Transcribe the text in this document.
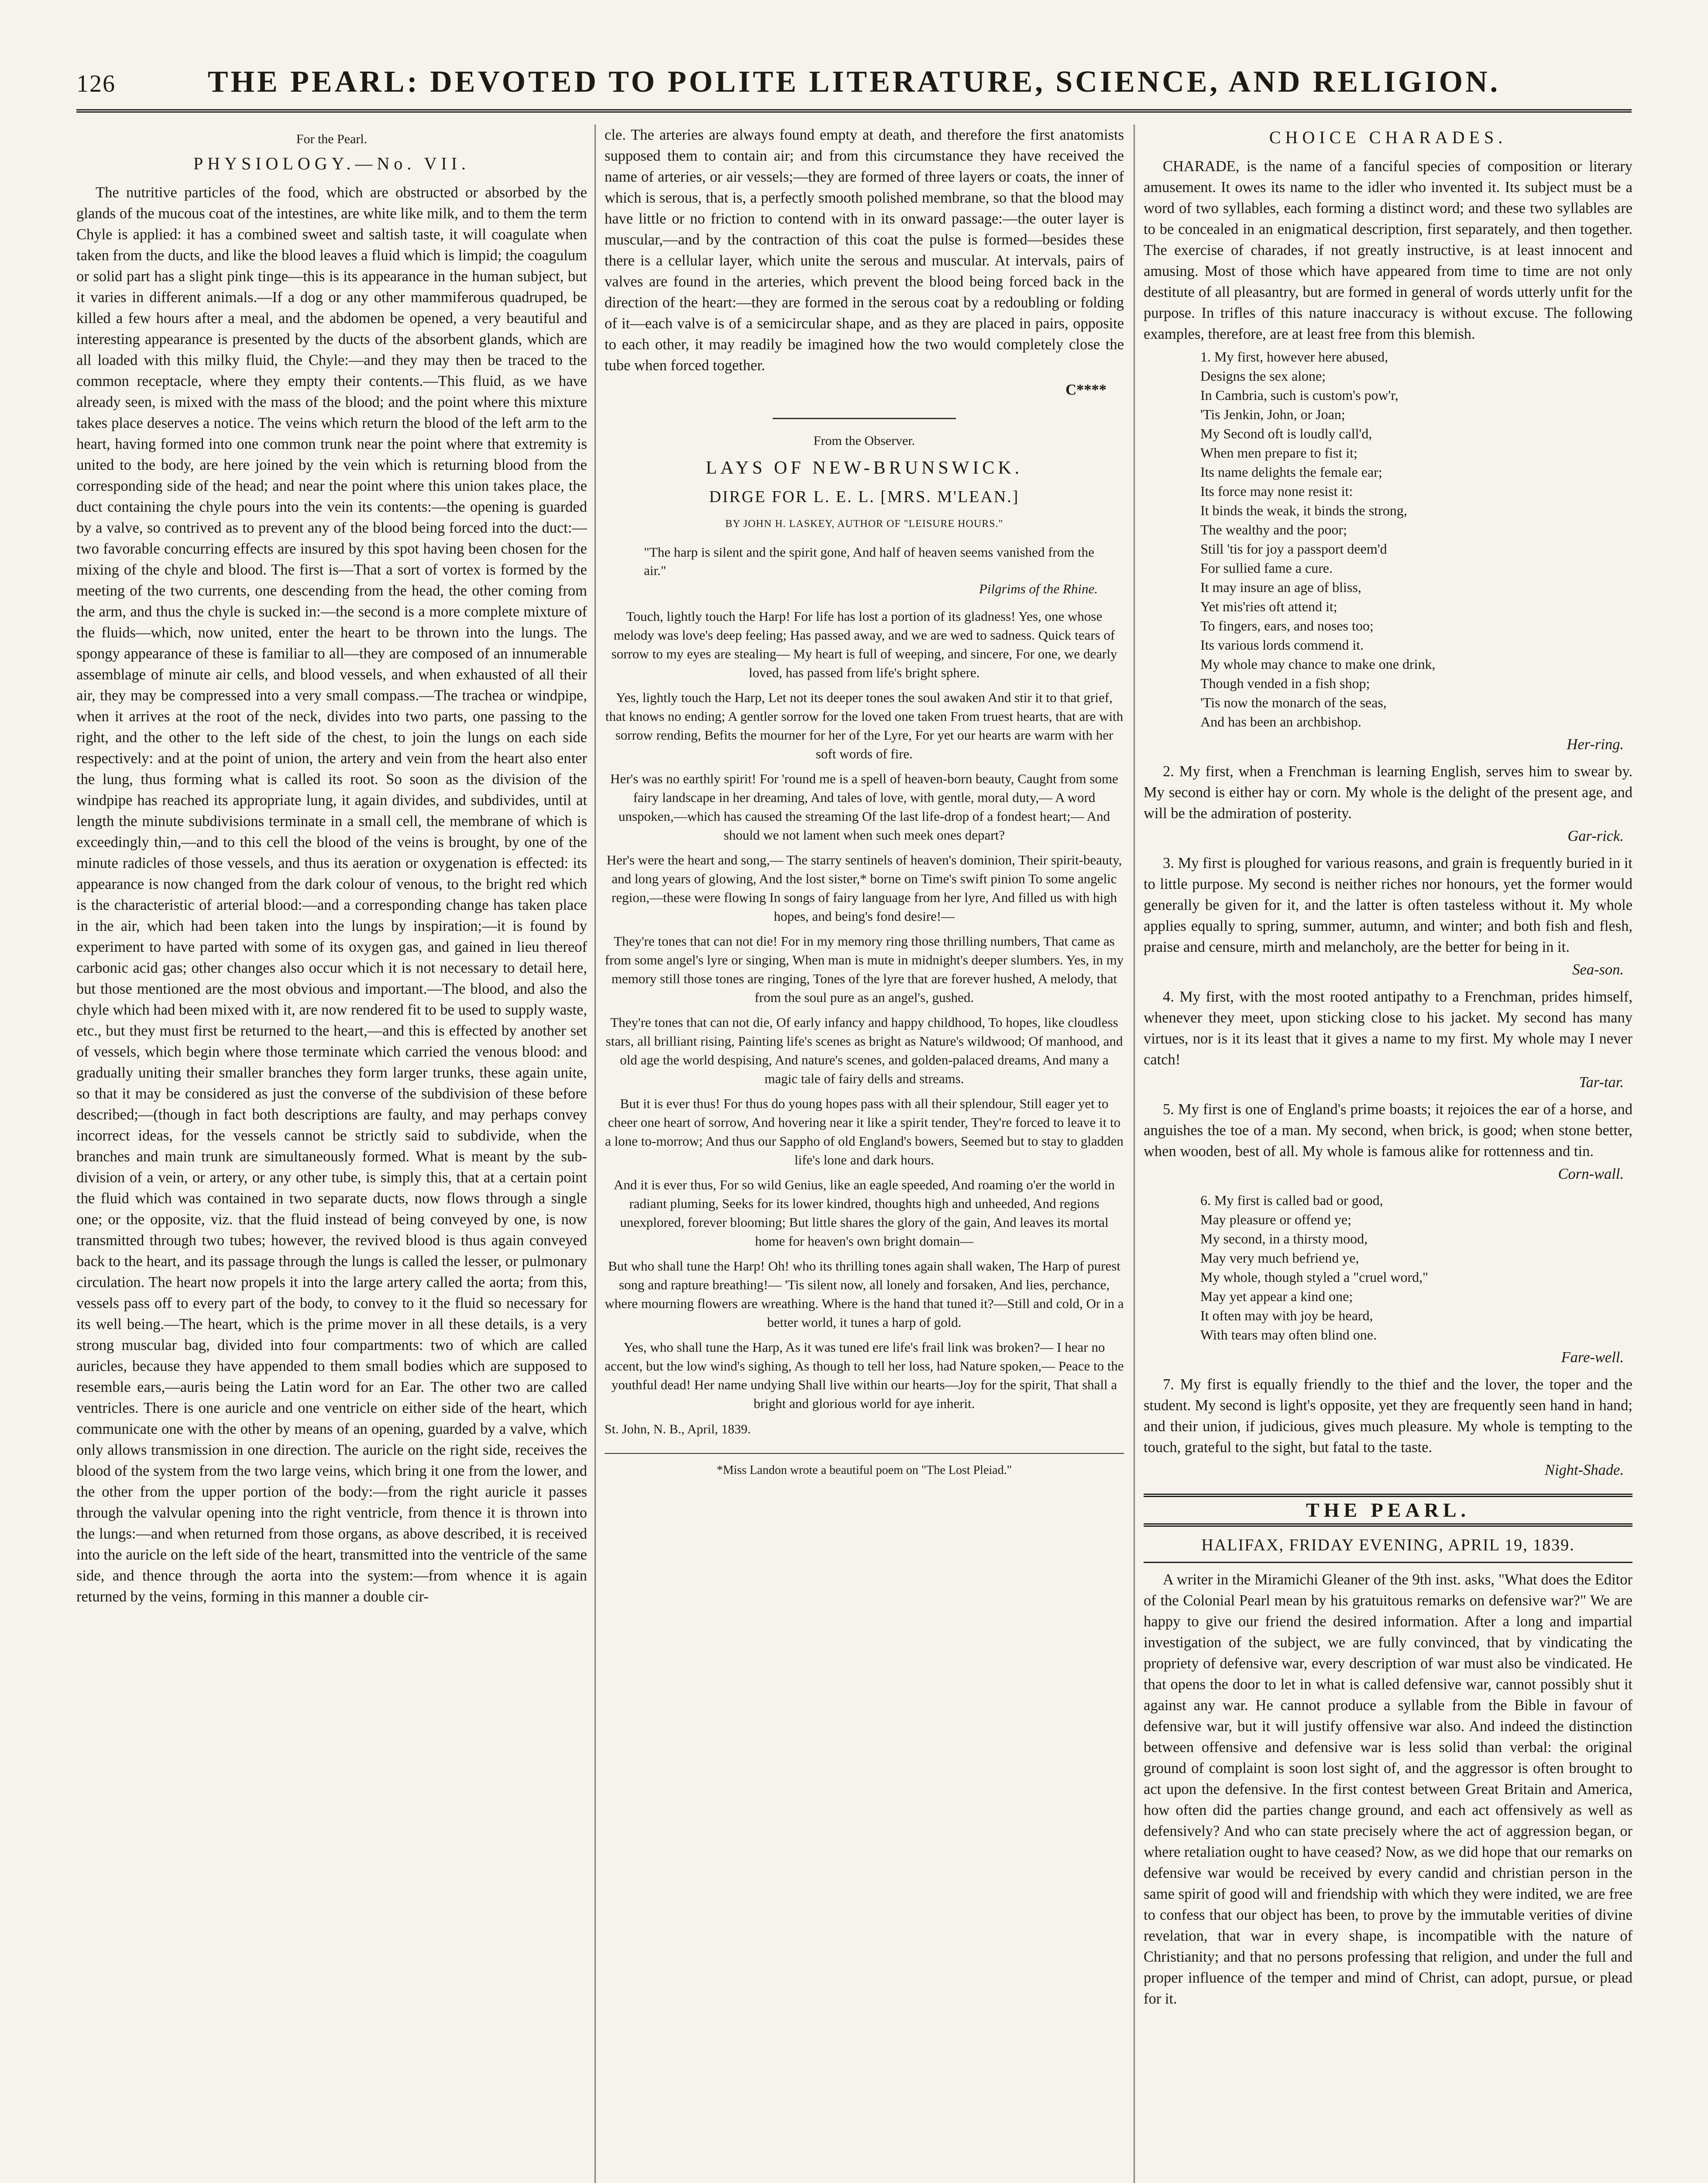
126	THE PEARL: DEVOTED TO POLITE LITERATURE, SCIENCE, AND RELIGION.
For the Pearl.
PHYSIOLOGY.—No. VII.

The nutritive particles of the food, which are obstructed or absorbed by the glands of the mucous coat of the intestines, are white like milk, and to them the term Chyle is applied: it has a combined sweet and saltish taste, it will coagulate when taken from the ducts, and like the blood leaves a fluid which is limpid; the coagulum or solid part has a slight pink tinge—this is its appearance in the human subject, but it varies in different animals.—If a dog or any other mammiferous quadruped, be killed a few hours after a meal, and the abdomen be opened, a very beautiful and interesting appearance is presented by the ducts of the absorbent glands, which are all loaded with this milky fluid, the Chyle:—and they may then be traced to the common receptacle, where they empty their contents.—This fluid, as we have already seen, is mixed with the mass of the blood; and the point where this mixture takes place deserves a notice. The veins which return the blood of the left arm to the heart, having formed into one common trunk near the point where that extremity is united to the body, are here joined by the vein which is returning blood from the corresponding side of the head; and near the point where this union takes place, the duct containing the chyle pours into the vein its contents:—the opening is guarded by a valve, so contrived as to prevent any of the blood being forced into the duct:—two favorable concurring effects are insured by this spot having been chosen for the mixing of the chyle and blood. The first is—That a sort of vortex is formed by the meeting of the two currents, one descending from the head, the other coming from the arm, and thus the chyle is sucked in:—the second is a more complete mixture of the fluids—which, now united, enter the heart to be thrown into the lungs. The spongy appearance of these is familiar to all—they are composed of an innumerable assemblage of minute air cells, and blood vessels, and when exhausted of all their air, they may be compressed into a very small compass.—The trachea or windpipe, when it arrives at the root of the neck, divides into two parts, one passing to the right, and the other to the left side of the chest, to join the lungs on each side respectively: and at the point of union, the artery and vein from the heart also enter the lung, thus forming what is called its root. So soon as the division of the windpipe has reached its appropriate lung, it again divides, and subdivides, until at length the minute subdivisions terminate in a small cell, the membrane of which is exceedingly thin,—and to this cell the blood of the veins is brought, by one of the minute radicles of those vessels, and thus its aeration or oxygenation is effected: its appearance is now changed from the dark colour of venous, to the bright red which is the characteristic of arterial blood:—and a corresponding change has taken place in the air, which had been taken into the lungs by inspiration;—it is found by experiment to have parted with some of its oxygen gas, and gained in lieu thereof carbonic acid gas; other changes also occur which it is not necessary to detail here, but those mentioned are the most obvious and important.—The blood, and also the chyle which had been mixed with it, are now rendered fit to be used to supply waste, etc., but they must first be returned to the heart,—and this is effected by another set of vessels, which begin where those terminate which carried the venous blood: and gradually uniting their smaller branches they form larger trunks, these again unite, so that it may be considered as just the converse of the subdivision of these before described;—(though in fact both descriptions are faulty, and may perhaps convey incorrect ideas, for the vessels cannot be strictly said to subdivide, when the branches and main trunk are simultaneously formed. What is meant by the sub-division of a vein, or artery, or any other tube, is simply this, that at a certain point the fluid which was contained in two separate ducts, now flows through a single one; or the opposite, viz. that the fluid instead of being conveyed by one, is now transmitted through two tubes; however, the revived blood is thus again conveyed back to the heart, and its passage through the lungs is called the lesser, or pulmonary circulation. The heart now propels it into the large artery called the aorta; from this, vessels pass off to every part of the body, to convey to it the fluid so necessary for its well being.—The heart, which is the prime mover in all these details, is a very strong muscular bag, divided into four compartments: two of which are called auricles, because they have appended to them small bodies which are supposed to resemble ears,—auris being the Latin word for an Ear. The other two are called ventricles. There is one auricle and one ventricle on either side of the heart, which communicate one with the other by means of an opening, guarded by a valve, which only allows transmission in one direction. The auricle on the right side, receives the blood of the system from the two large veins, which bring it one from the lower, and the other from the upper portion of the body:—from the right auricle it passes through the valvular opening into the right ventricle, from thence it is thrown into the lungs:—and when returned from those organs, as above described, it is received into the auricle on the left side of the heart, transmitted into the ventricle of the same side, and thence through the aorta into the system:—from whence it is again returned by the veins, forming in this manner a double cir-

cle. The arteries are always found empty at death, and therefore the first anatomists supposed them to contain air; and from this circumstance they have received the name of arteries, or air vessels;—they are formed of three layers or coats, the inner of which is serous, that is, a perfectly smooth polished membrane, so that the blood may have little or no friction to contend with in its onward passage:—the outer layer is muscular,—and by the contraction of this coat the pulse is formed—besides these there is a cellular layer, which unite the serous and muscular. At intervals, pairs of valves are found in the arteries, which prevent the blood being forced back in the direction of the heart:—they are formed in the serous coat by a redoubling or folding of it—each valve is of a semicircular shape, and as they are placed in pairs, opposite to each other, it may readily be imagined how the two would completely close the tube when forced together.

C****
From the Observer.
LAYS OF NEW-BRUNSWICK.
DIRGE FOR L. E. L. [MRS. M'LEAN.]
BY JOHN H. LASKEY, AUTHOR OF "LEISURE HOURS."
"The harp is silent and the spirit gone, And half of heaven seems vanished from the air."
Pilgrims of the Rhine.
Touch, lightly touch the Harp! For life has lost a portion of its gladness! Yes, one whose melody was love's deep feeling; Has passed away, and we are wed to sadness. Quick tears of sorrow to my eyes are stealing— My heart is full of weeping, and sincere, For one, we dearly loved, has passed from life's bright sphere.
Yes, lightly touch the Harp, Let not its deeper tones the soul awaken And stir it to that grief, that knows no ending; A gentler sorrow for the loved one taken From truest hearts, that are with sorrow rending, Befits the mourner for her of the Lyre, For yet our hearts are warm with her soft words of fire.
Her's was no earthly spirit! For 'round me is a spell of heaven-born beauty, Caught from some fairy landscape in her dreaming, And tales of love, with gentle, moral duty,— A word unspoken,—which has caused the streaming Of the last life-drop of a fondest heart;— And should we not lament when such meek ones depart?
Her's were the heart and song,— The starry sentinels of heaven's dominion, Their spirit-beauty, and long years of glowing, And the lost sister,* borne on Time's swift pinion To some angelic region,—these were flowing In songs of fairy language from her lyre, And filled us with high hopes, and being's fond desire!—
They're tones that can not die! For in my memory ring those thrilling numbers, That came as from some angel's lyre or singing, When man is mute in midnight's deeper slumbers. Yes, in my memory still those tones are ringing, Tones of the lyre that are forever hushed, A melody, that from the soul pure as an angel's, gushed.
They're tones that can not die, Of early infancy and happy childhood, To hopes, like cloudless stars, all brilliant rising, Painting life's scenes as bright as Nature's wildwood; Of manhood, and old age the world despising, And nature's scenes, and golden-palaced dreams, And many a magic tale of fairy dells and streams.
But it is ever thus! For thus do young hopes pass with all their splendour, Still eager yet to cheer one heart of sorrow, And hovering near it like a spirit tender, They're forced to leave it to a lone to-morrow; And thus our Sappho of old England's bowers, Seemed but to stay to gladden life's lone and dark hours.
And it is ever thus, For so wild Genius, like an eagle speeded, And roaming o'er the world in radiant pluming, Seeks for its lower kindred, thoughts high and unheeded, And regions unexplored, forever blooming; But little shares the glory of the gain, And leaves its mortal home for heaven's own bright domain—
But who shall tune the Harp! Oh! who its thrilling tones again shall waken, The Harp of purest song and rapture breathing!— 'Tis silent now, all lonely and forsaken, And lies, perchance, where mourning flowers are wreathing. Where is the hand that tuned it?—Still and cold, Or in a better world, it tunes a harp of gold.
Yes, who shall tune the Harp, As it was tuned ere life's frail link was broken?— I hear no accent, but the low wind's sighing, As though to tell her loss, had Nature spoken,— Peace to the youthful dead! Her name undying Shall live within our hearts—Joy for the spirit, That shall a bright and glorious world for aye inherit.
St. John, N. B., April, 1839.
*Miss Landon wrote a beautiful poem on "The Lost Pleiad."
CHOICE CHARADES.

CHARADE, is the name of a fanciful species of composition or literary amusement. It owes its name to the idler who invented it. Its subject must be a word of two syllables, each forming a distinct word; and these two syllables are to be concealed in an enigmatical description, first separately, and then together. The exercise of charades, if not greatly instructive, is at least innocent and amusing. Most of those which have appeared from time to time are not only destitute of all pleasantry, but are formed in general of words utterly unfit for the purpose. In trifles of this nature inaccuracy is without excuse. The following examples, therefore, are at least free from this blemish.

1. My first, however here abused,
Designs the sex alone;
In Cambria, such is custom's pow'r,
'Tis Jenkin, John, or Joan;
My Second oft is loudly call'd,
When men prepare to fist it;
Its name delights the female ear;
Its force may none resist it:
It binds the weak, it binds the strong,
The wealthy and the poor;
Still 'tis for joy a passport deem'd
For sullied fame a cure.
It may insure an age of bliss,
Yet mis'ries oft attend it;
To fingers, ears, and noses too;
Its various lords commend it.
My whole may chance to make one drink,
Though vended in a fish shop;
'Tis now the monarch of the seas,
And has been an archbishop.
Her-ring.

2. My first, when a Frenchman is learning English, serves him to swear by. My second is either hay or corn. My whole is the delight of the present age, and will be the admiration of posterity.

Gar-rick.

3. My first is ploughed for various reasons, and grain is frequently buried in it to little purpose. My second is neither riches nor honours, yet the former would generally be given for it, and the latter is often tasteless without it. My whole applies equally to spring, summer, autumn, and winter; and both fish and flesh, praise and censure, mirth and melancholy, are the better for being in it.

Sea-son.

4. My first, with the most rooted antipathy to a Frenchman, prides himself, whenever they meet, upon sticking close to his jacket. My second has many virtues, nor is it its least that it gives a name to my first. My whole may I never catch!

Tar-tar.

5. My first is one of England's prime boasts; it rejoices the ear of a horse, and anguishes the toe of a man. My second, when brick, is good; when stone better, when wooden, best of all. My whole is famous alike for rottenness and tin.

Corn-wall.
6. My first is called bad or good,
May pleasure or offend ye;
My second, in a thirsty mood,
May very much befriend ye,
My whole, though styled a "cruel word,"
May yet appear a kind one;
It often may with joy be heard,
With tears may often blind one.
Fare-well.

7. My first is equally friendly to the thief and the lover, the toper and the student. My second is light's opposite, yet they are frequently seen hand in hand; and their union, if judicious, gives much pleasure. My whole is tempting to the touch, grateful to the sight, but fatal to the taste.

Night-Shade.
THE PEARL.
HALIFAX, FRIDAY EVENING, APRIL 19, 1839.

A writer in the Miramichi Gleaner of the 9th inst. asks, "What does the Editor of the Colonial Pearl mean by his gratuitous remarks on defensive war?" We are happy to give our friend the desired information. After a long and impartial investigation of the subject, we are fully convinced, that by vindicating the propriety of defensive war, every description of war must also be vindicated. He that opens the door to let in what is called defensive war, cannot possibly shut it against any war. He cannot produce a syllable from the Bible in favour of defensive war, but it will justify offensive war also. And indeed the distinction between offensive and defensive war is less solid than verbal: the original ground of complaint is soon lost sight of, and the aggressor is often brought to act upon the defensive. In the first contest between Great Britain and America, how often did the parties change ground, and each act offensively as well as defensively? And who can state precisely where the act of aggression began, or where retaliation ought to have ceased? Now, as we did hope that our remarks on defensive war would be received by every candid and christian person in the same spirit of good will and friendship with which they were indited, we are free to confess that our object has been, to prove by the immutable verities of divine revelation, that war in every shape, is incompatible with the nature of Christianity; and that no persons professing that religion, and under the full and proper influence of the temper and mind of Christ, can adopt, pursue, or plead for it.
